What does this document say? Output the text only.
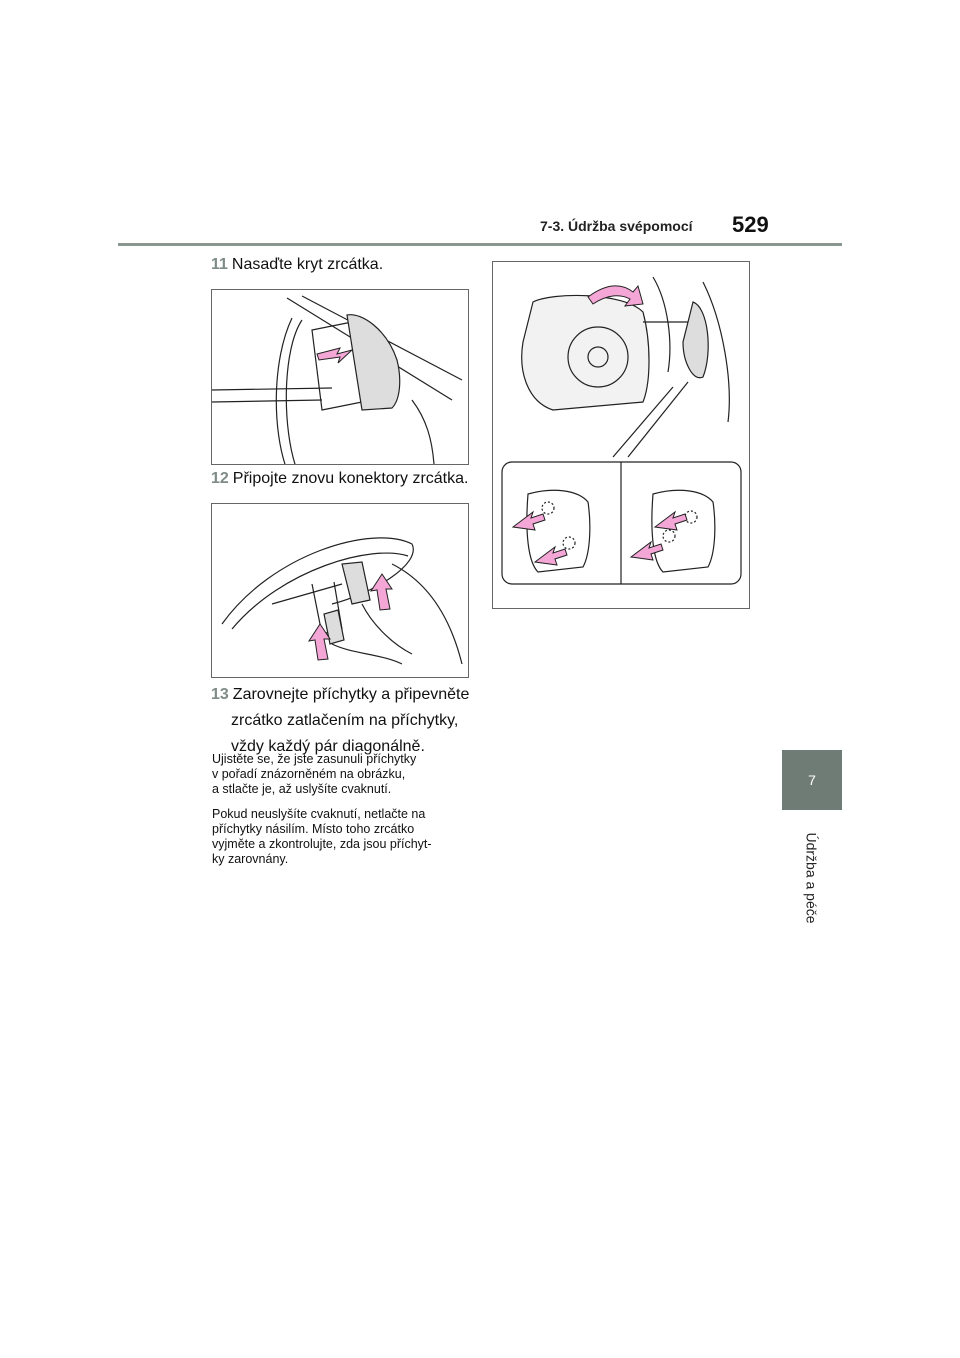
7-3. Údržba svépomocí 529
7
Údržba a péče
11 Nasaďte kryt zrcátka.
12 Připojte znovu konektory zrcátka.
13 Zarovnejte příchytky a připevněte
zrcátko zatlačením na příchytky,
vždy každý pár diagonálně.
Ujistěte se, že jste zasunuli příchytky
v pořadí znázorněném na obrázku,
a stlačte je, až uslyšíte cvaknutí.
Pokud neuslyšíte cvaknutí, netlačte na
příchytky násilím. Místo toho zrcátko
vyjměte a zkontrolujte, zda jsou příchyt-
ky zarovnány.
